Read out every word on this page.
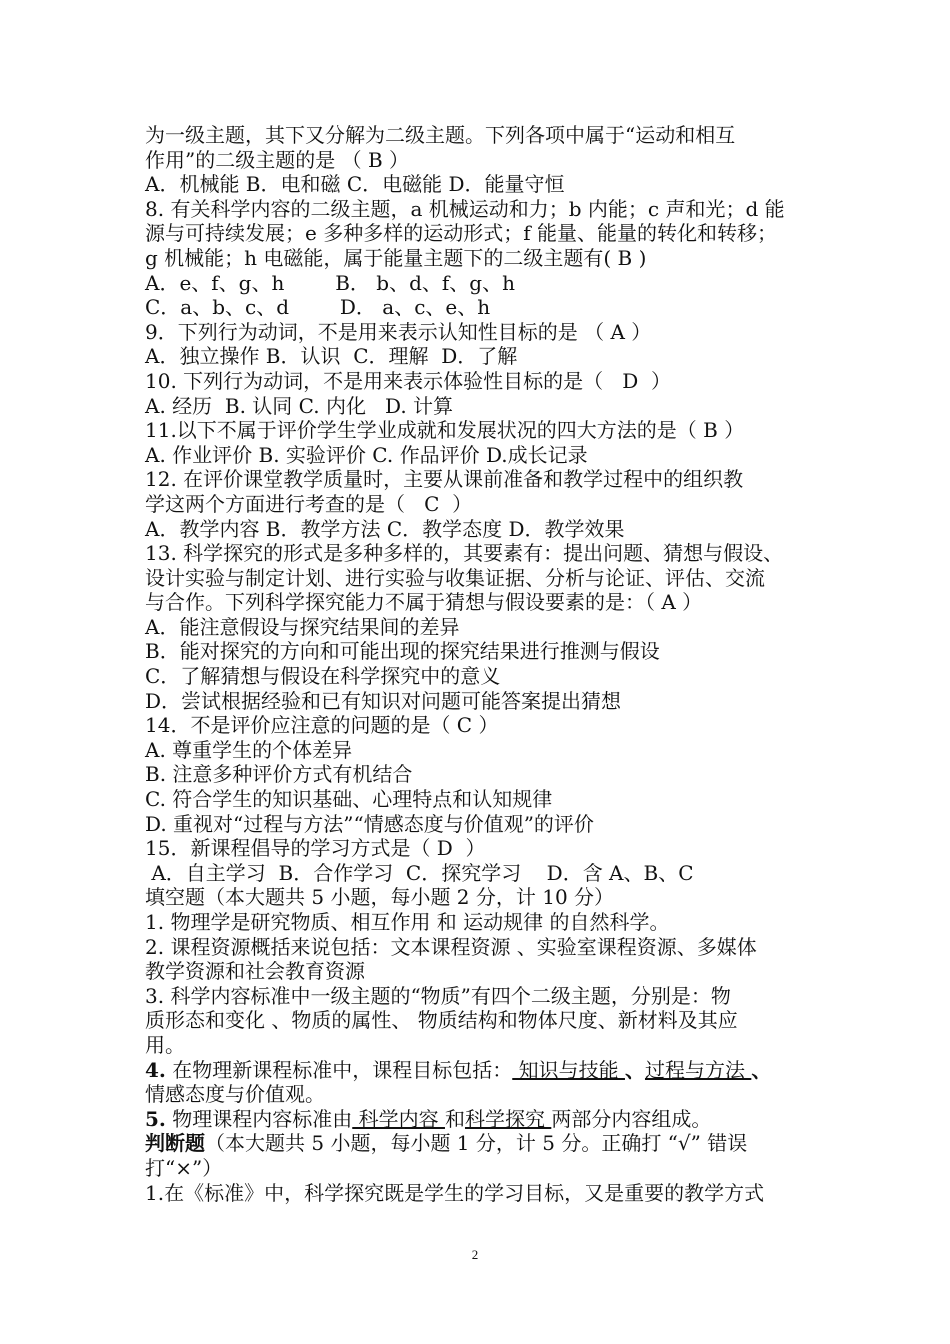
为一级主题，其下又分解为二级主题。下列各项中属于“运动和相互
作用”的二级主题的是 （ B ）
A．机械能 B．电和磁 C．电磁能 D．能量守恒
8. 有关科学内容的二级主题，a 机械运动和力；b 内能；c 声和光；d 能
源与可持续发展；e 多种多样的运动形式；f 能量、能量的转化和转移；
g 机械能；h 电磁能，属于能量主题下的二级主题有( B )
A．e、f、g、h        B． b、d、f、g、h
C．a、b、c、d        D． a、c、e、h
9．下列行为动词，不是用来表示认知性目标的是 （ A ）
A．独立操作 B．认识  C．理解  D．了解
10. 下列行为动词，不是用来表示体验性目标的是（   D  ）
A. 经历  B. 认同 C. 内化   D. 计算
11.以下不属于评价学生学业成就和发展状况的四大方法的是（ B ）
A. 作业评价 B. 实验评价 C. 作品评价 D.成长记录
12. 在评价课堂教学质量时，主要从课前准备和教学过程中的组织教
学这两个方面进行考查的是（   C  ）
A．教学内容 B．教学方法 C．教学态度 D．教学效果
13. 科学探究的形式是多种多样的，其要素有：提出问题、猜想与假设、
设计实验与制定计划、进行实验与收集证据、分析与论证、评估、交流
与合作。下列科学探究能力不属于猜想与假设要素的是：（ A ）
A．能注意假设与探究结果间的差异
B．能对探究的方向和可能出现的探究结果进行推测与假设
C．了解猜想与假设在科学探究中的意义
D．尝试根据经验和已有知识对问题可能答案提出猜想
14．不是评价应注意的问题的是（ C ）
A. 尊重学生的个体差异
B. 注意多种评价方式有机结合
C. 符合学生的知识基础、心理特点和认知规律
D. 重视对“过程与方法”“情感态度与价值观”的评价
15．新课程倡导的学习方式是（ D  ）
A．自主学习  B．合作学习  C．探究学习    D．含 A、B、C
填空题（本大题共 5 小题，每小题 2 分，计 10 分）
1. 物理学是研究物质、相互作用 和 运动规律 的自然科学。
2. 课程资源概括来说包括：文本课程资源 、实验室课程资源、多媒体
教学资源和社会教育资源
3. 科学内容标准中一级主题的“物质”有四个二级主题，分别是：物
质形态和变化 、物质的属性、 物质结构和物体尺度、新材料及其应
用。
4. 在物理新课程标准中，课程目标包括： 知识与技能 、过程与方法 、
情感态度与价值观。
5. 物理课程内容标准由 科学内容 和科学探究 两部分内容组成。
判断题（本大题共 5 小题，每小题 1 分，计 5 分。正确打 “√” 错误
打“×”）
1.在《标准》中，科学探究既是学生的学习目标，又是重要的教学方式
2
